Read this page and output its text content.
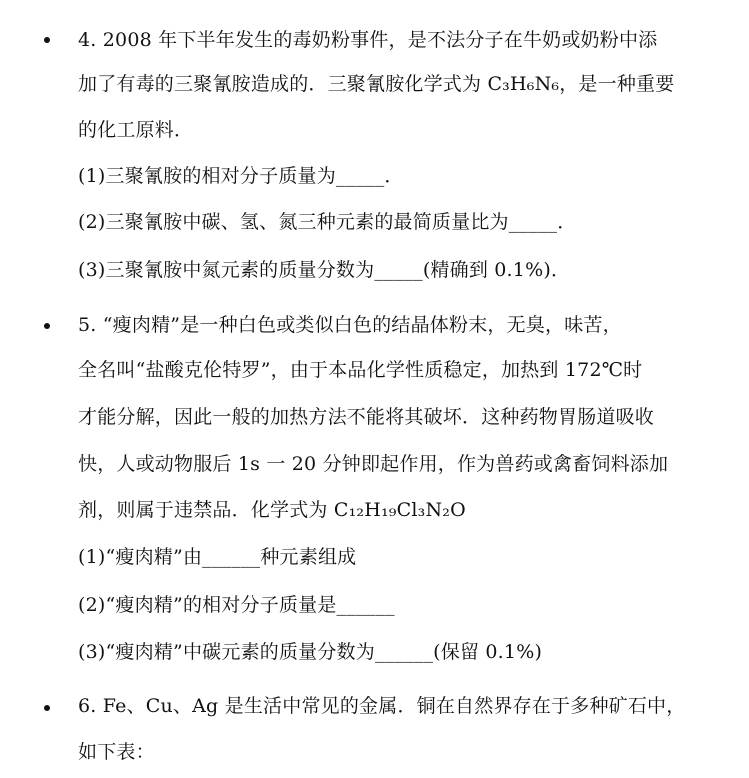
4. 2008 年下半年发生的毒奶粉事件，是不法分子在牛奶或奶粉中添
加了有毒的三聚氰胺造成的．三聚氰胺化学式为 C₃H₆N₆，是一种重要
的化工原料．
(1)三聚氰胺的相对分子质量为_____．
(2)三聚氰胺中碳、氢、氮三种元素的最简质量比为_____．
(3)三聚氰胺中氮元素的质量分数为_____(精确到 0.1%)．
5. “瘦肉精”是一种白色或类似白色的结晶体粉末，无臭，味苦，
全名叫“盐酸克伦特罗”，由于本品化学性质稳定，加热到 172℃时
才能分解，因此一般的加热方法不能将其破坏．这种药物胃肠道吸收
快，人或动物服后 1s 一 20 分钟即起作用，作为兽药或禽畜饲料添加
剂，则属于违禁品．化学式为 C₁₂H₁₉Cl₃N₂O
(1)“瘦肉精”由______种元素组成
(2)“瘦肉精”的相对分子质量是______
(3)“瘦肉精”中碳元素的质量分数为______(保留 0.1%)
6. Fe、Cu、Ag 是生活中常见的金属．铜在自然界存在于多种矿石中，
如下表：
